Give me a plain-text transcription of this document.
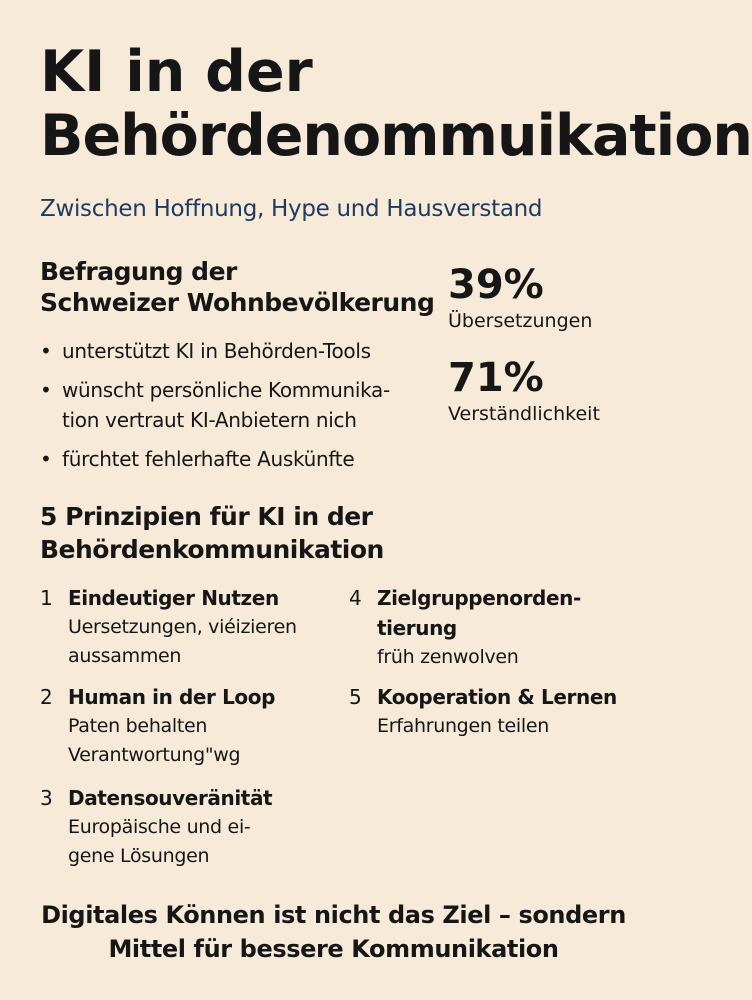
KI in der
Behördenommuikation
Zwischen Hoffnung, Hype und Hausverstand
Befragung der
Schweizer Wohnbevölkerung
• unterstützt KI in Behörden-Tools
• wünscht persönliche Kommunika-
tion vertraut KI-Anbietern nich
• fürchtet fehlerhafte Auskünfte
39%
Übersetzungen
71%
Verständlichkeit
5 Prinzipien für KI in der
Behördenkommunikation
1 Eindeutiger Nutzen
Uersetzungen, viéizieren
aussammen
2 Human in der Loop
Paten behalten
Verantwortung"wg
3 Datensouveränität
Europäische und ei-
gene Lösungen
4 Zielgruppenorden-
tierung
früh zenwolven
5 Kooperation & Lernen
Erfahrungen teilen
Digitales Können ist nicht das Ziel – sondern
Mittel für bessere Kommunikation
